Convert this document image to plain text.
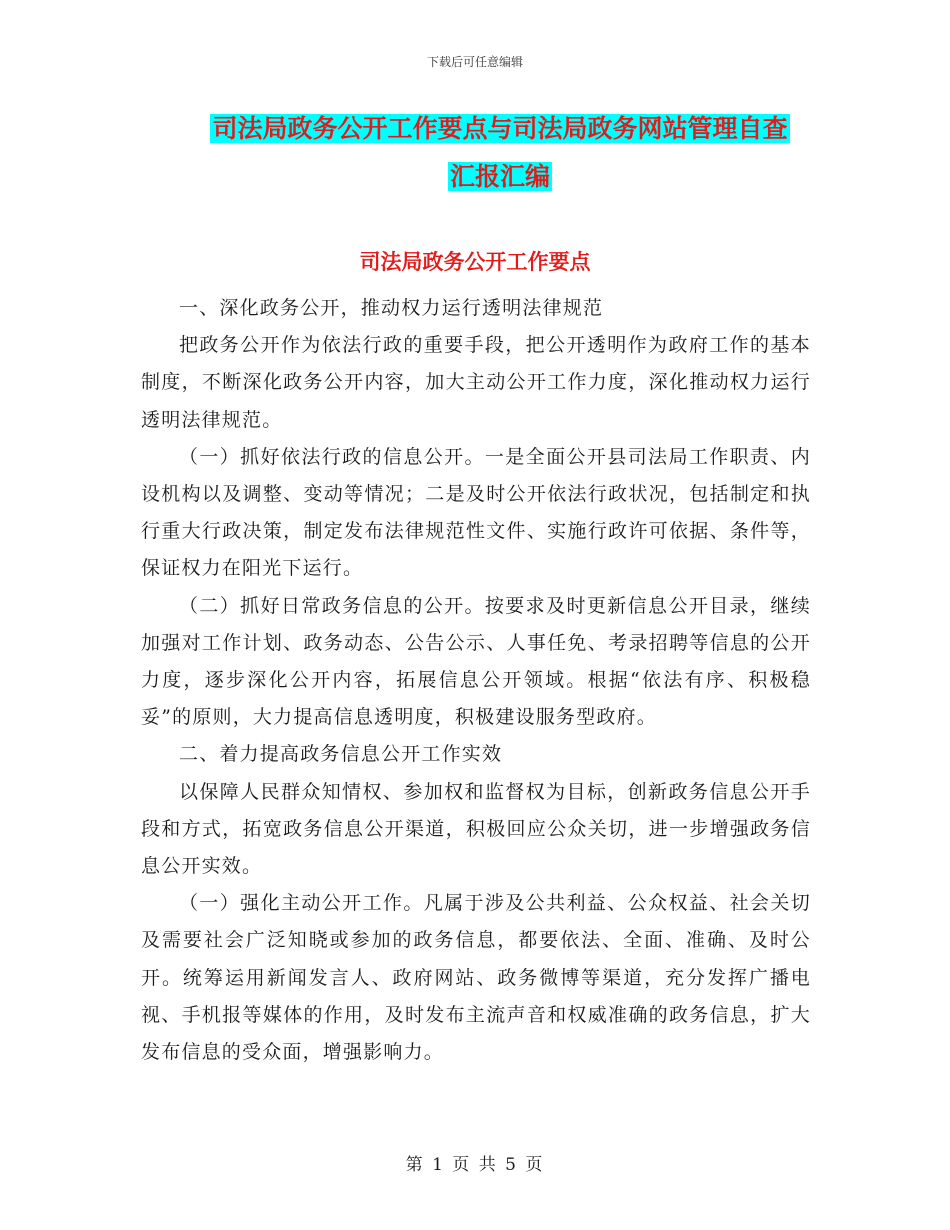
下载后可任意编辑
司法局政务公开工作要点与司法局政务网站管理自查
汇报汇编
司法局政务公开工作要点

一、深化政务公开，推动权力运行透明法律规范

把政务公开作为依法行政的重要手段，把公开透明作为政府工作的基本制度，不断深化政务公开内容，加大主动公开工作力度，深化推动权力运行透明法律规范。

（一）抓好依法行政的信息公开。一是全面公开县司法局工作职责、内设机构以及调整、变动等情况；二是及时公开依法行政状况，包括制定和执行重大行政决策，制定发布法律规范性文件、实施行政许可依据、条件等，保证权力在阳光下运行。

（二）抓好日常政务信息的公开。按要求及时更新信息公开目录，继续加强对工作计划、政务动态、公告公示、人事任免、考录招聘等信息的公开力度，逐步深化公开内容，拓展信息公开领域。根据“依法有序、积极稳妥”的原则，大力提高信息透明度，积极建设服务型政府。

二、着力提高政务信息公开工作实效

以保障人民群众知情权、参加权和监督权为目标，创新政务信息公开手段和方式，拓宽政务信息公开渠道，积极回应公众关切，进一步增强政务信息公开实效。

（一）强化主动公开工作。凡属于涉及公共利益、公众权益、社会关切及需要社会广泛知晓或参加的政务信息，都要依法、全面、准确、及时公开。统筹运用新闻发言人、政府网站、政务微博等渠道，充分发挥广播电视、手机报等媒体的作用，及时发布主流声音和权威准确的政务信息，扩大发布信息的受众面，增强影响力。

第 1 页 共 5 页
